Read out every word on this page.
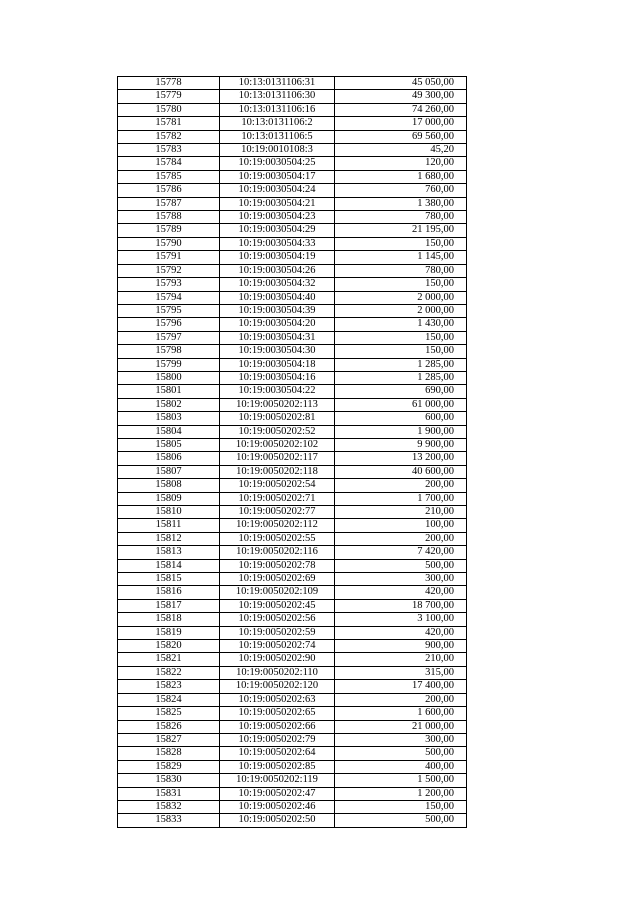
15778	10:13:0131106:31	45 050,00
15779	10:13:0131106:30	49 300,00
15780	10:13:0131106:16	74 260,00
15781	10:13:0131106:2	17 000,00
15782	10:13:0131106:5	69 560,00
15783	10:19:0010108:3	45,20
15784	10:19:0030504:25	120,00
15785	10:19:0030504:17	1 680,00
15786	10:19:0030504:24	760,00
15787	10:19:0030504:21	1 380,00
15788	10:19:0030504:23	780,00
15789	10:19:0030504:29	21 195,00
15790	10:19:0030504:33	150,00
15791	10:19:0030504:19	1 145,00
15792	10:19:0030504:26	780,00
15793	10:19:0030504:32	150,00
15794	10:19:0030504:40	2 000,00
15795	10:19:0030504:39	2 000,00
15796	10:19:0030504:20	1 430,00
15797	10:19:0030504:31	150,00
15798	10:19:0030504:30	150,00
15799	10:19:0030504:18	1 285,00
15800	10:19:0030504:16	1 285,00
15801	10:19:0030504:22	690,00
15802	10:19:0050202:113	61 000,00
15803	10:19:0050202:81	600,00
15804	10:19:0050202:52	1 900,00
15805	10:19:0050202:102	9 900,00
15806	10:19:0050202:117	13 200,00
15807	10:19:0050202:118	40 600,00
15808	10:19:0050202:54	200,00
15809	10:19:0050202:71	1 700,00
15810	10:19:0050202:77	210,00
15811	10:19:0050202:112	100,00
15812	10:19:0050202:55	200,00
15813	10:19:0050202:116	7 420,00
15814	10:19:0050202:78	500,00
15815	10:19:0050202:69	300,00
15816	10:19:0050202:109	420,00
15817	10:19:0050202:45	18 700,00
15818	10:19:0050202:56	3 100,00
15819	10:19:0050202:59	420,00
15820	10:19:0050202:74	900,00
15821	10:19:0050202:90	210,00
15822	10:19:0050202:110	315,00
15823	10:19:0050202:120	17 400,00
15824	10:19:0050202:63	200,00
15825	10:19:0050202:65	1 600,00
15826	10:19:0050202:66	21 000,00
15827	10:19:0050202:79	300,00
15828	10:19:0050202:64	500,00
15829	10:19:0050202:85	400,00
15830	10:19:0050202:119	1 500,00
15831	10:19:0050202:47	1 200,00
15832	10:19:0050202:46	150,00
15833	10:19:0050202:50	500,00
